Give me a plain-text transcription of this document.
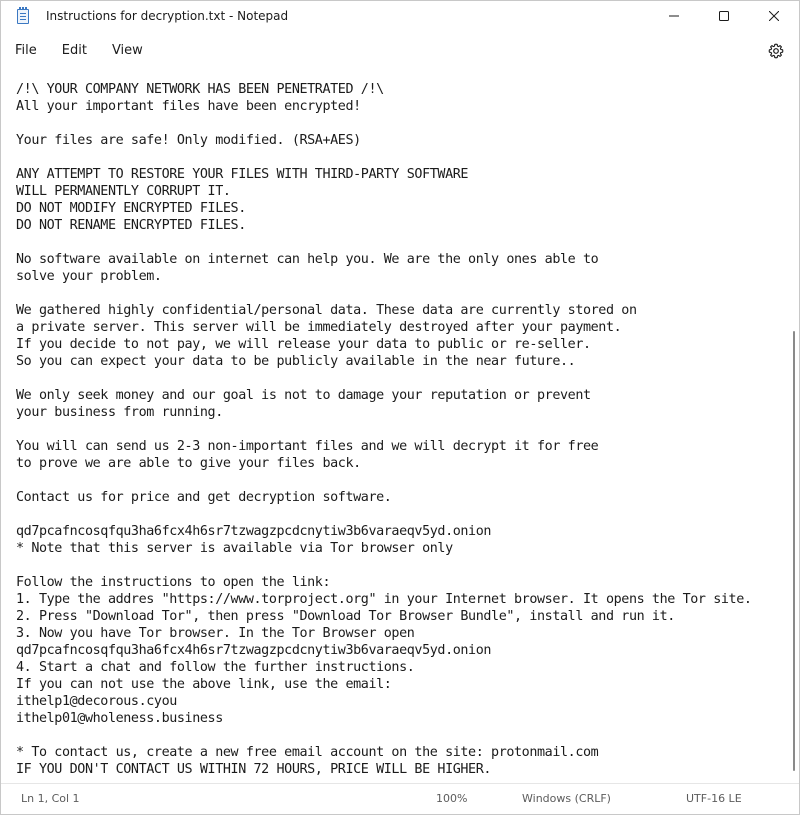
Instructions for decryption.txt - Notepad
File	Edit	View
/!\ YOUR COMPANY NETWORK HAS BEEN PENETRATED /!\
All your important files have been encrypted!

Your files are safe! Only modified. (RSA+AES)

ANY ATTEMPT TO RESTORE YOUR FILES WITH THIRD-PARTY SOFTWARE
WILL PERMANENTLY CORRUPT IT.
DO NOT MODIFY ENCRYPTED FILES.
DO NOT RENAME ENCRYPTED FILES.

No software available on internet can help you. We are the only ones able to
solve your problem.

We gathered highly confidential/personal data. These data are currently stored on
a private server. This server will be immediately destroyed after your payment.
If you decide to not pay, we will release your data to public or re-seller.
So you can expect your data to be publicly available in the near future..

We only seek money and our goal is not to damage your reputation or prevent
your business from running.

You will can send us 2-3 non-important files and we will decrypt it for free
to prove we are able to give your files back.

Contact us for price and get decryption software.

qd7pcafncosqfqu3ha6fcx4h6sr7tzwagzpcdcnytiw3b6varaeqv5yd.onion
* Note that this server is available via Tor browser only

Follow the instructions to open the link:
1. Type the addres "https://www.torproject.org" in your Internet browser. It opens the Tor site.
2. Press "Download Tor", then press "Download Tor Browser Bundle", install and run it.
3. Now you have Tor browser. In the Tor Browser open
qd7pcafncosqfqu3ha6fcx4h6sr7tzwagzpcdcnytiw3b6varaeqv5yd.onion
4. Start a chat and follow the further instructions.
If you can not use the above link, use the email:
ithelp1@decorous.cyou
ithelp01@wholeness.business

* To contact us, create a new free email account on the site: protonmail.com
IF YOU DON'T CONTACT US WITHIN 72 HOURS, PRICE WILL BE HIGHER.
Ln 1, Col 1	100%	Windows (CRLF)	UTF-16 LE
